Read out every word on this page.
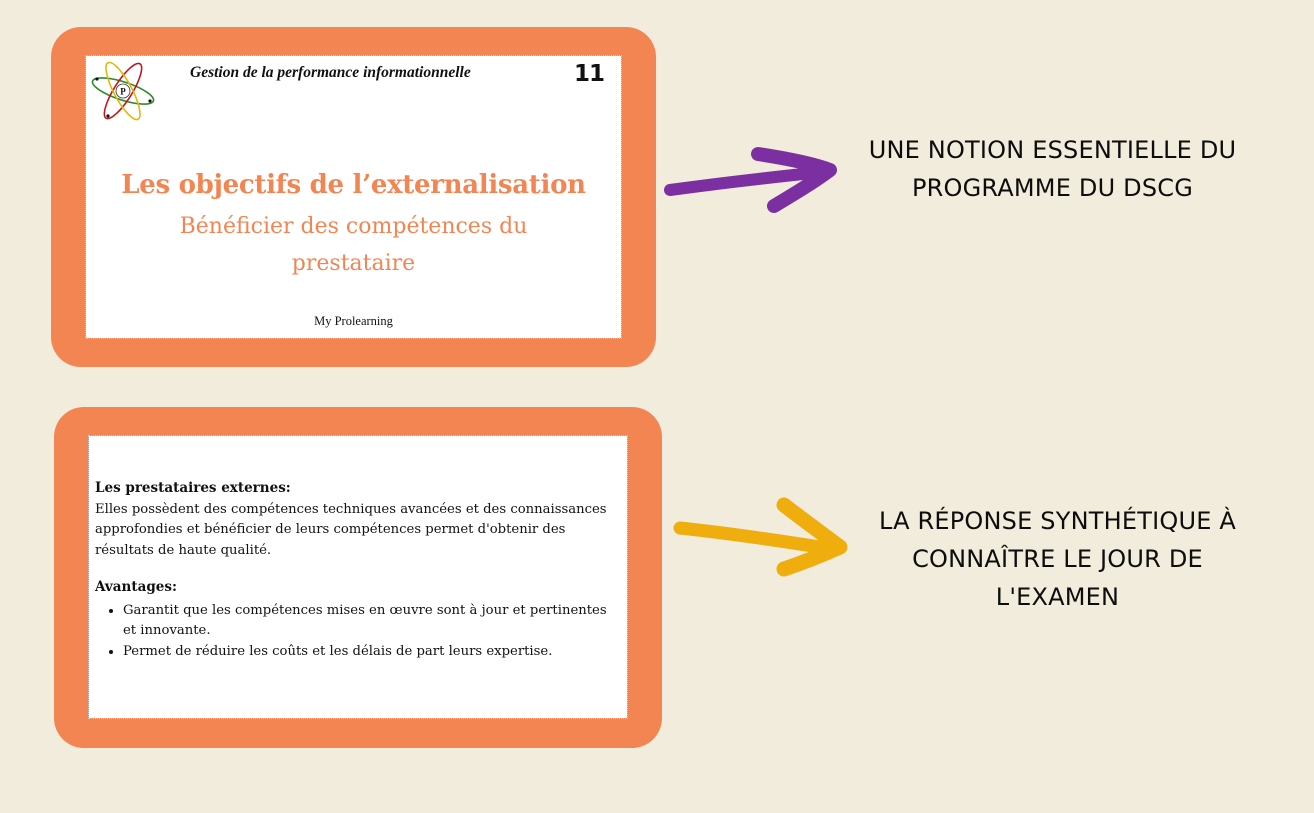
P
Gestion de la performance informationnelle	11
Les objectifs de l’externalisation
Bénéficier des compétences du prestataire
My Prolearning
UNE NOTION ESSENTIELLE DU PROGRAMME DU DSCG
Les prestataires externes:

Elles possèdent des compétences techniques avancées et des connaissances approfondies et bénéficier de leurs compétences permet d'obtenir des résultats de haute qualité.

Avantages:
• Garantit que les compétences mises en œuvre sont à jour et pertinentes et innovante.
• Permet de réduire les coûts et les délais de part leurs expertise.
LA RÉPONSE SYNTHÉTIQUE À CONNAÎTRE LE JOUR DE L'EXAMEN
